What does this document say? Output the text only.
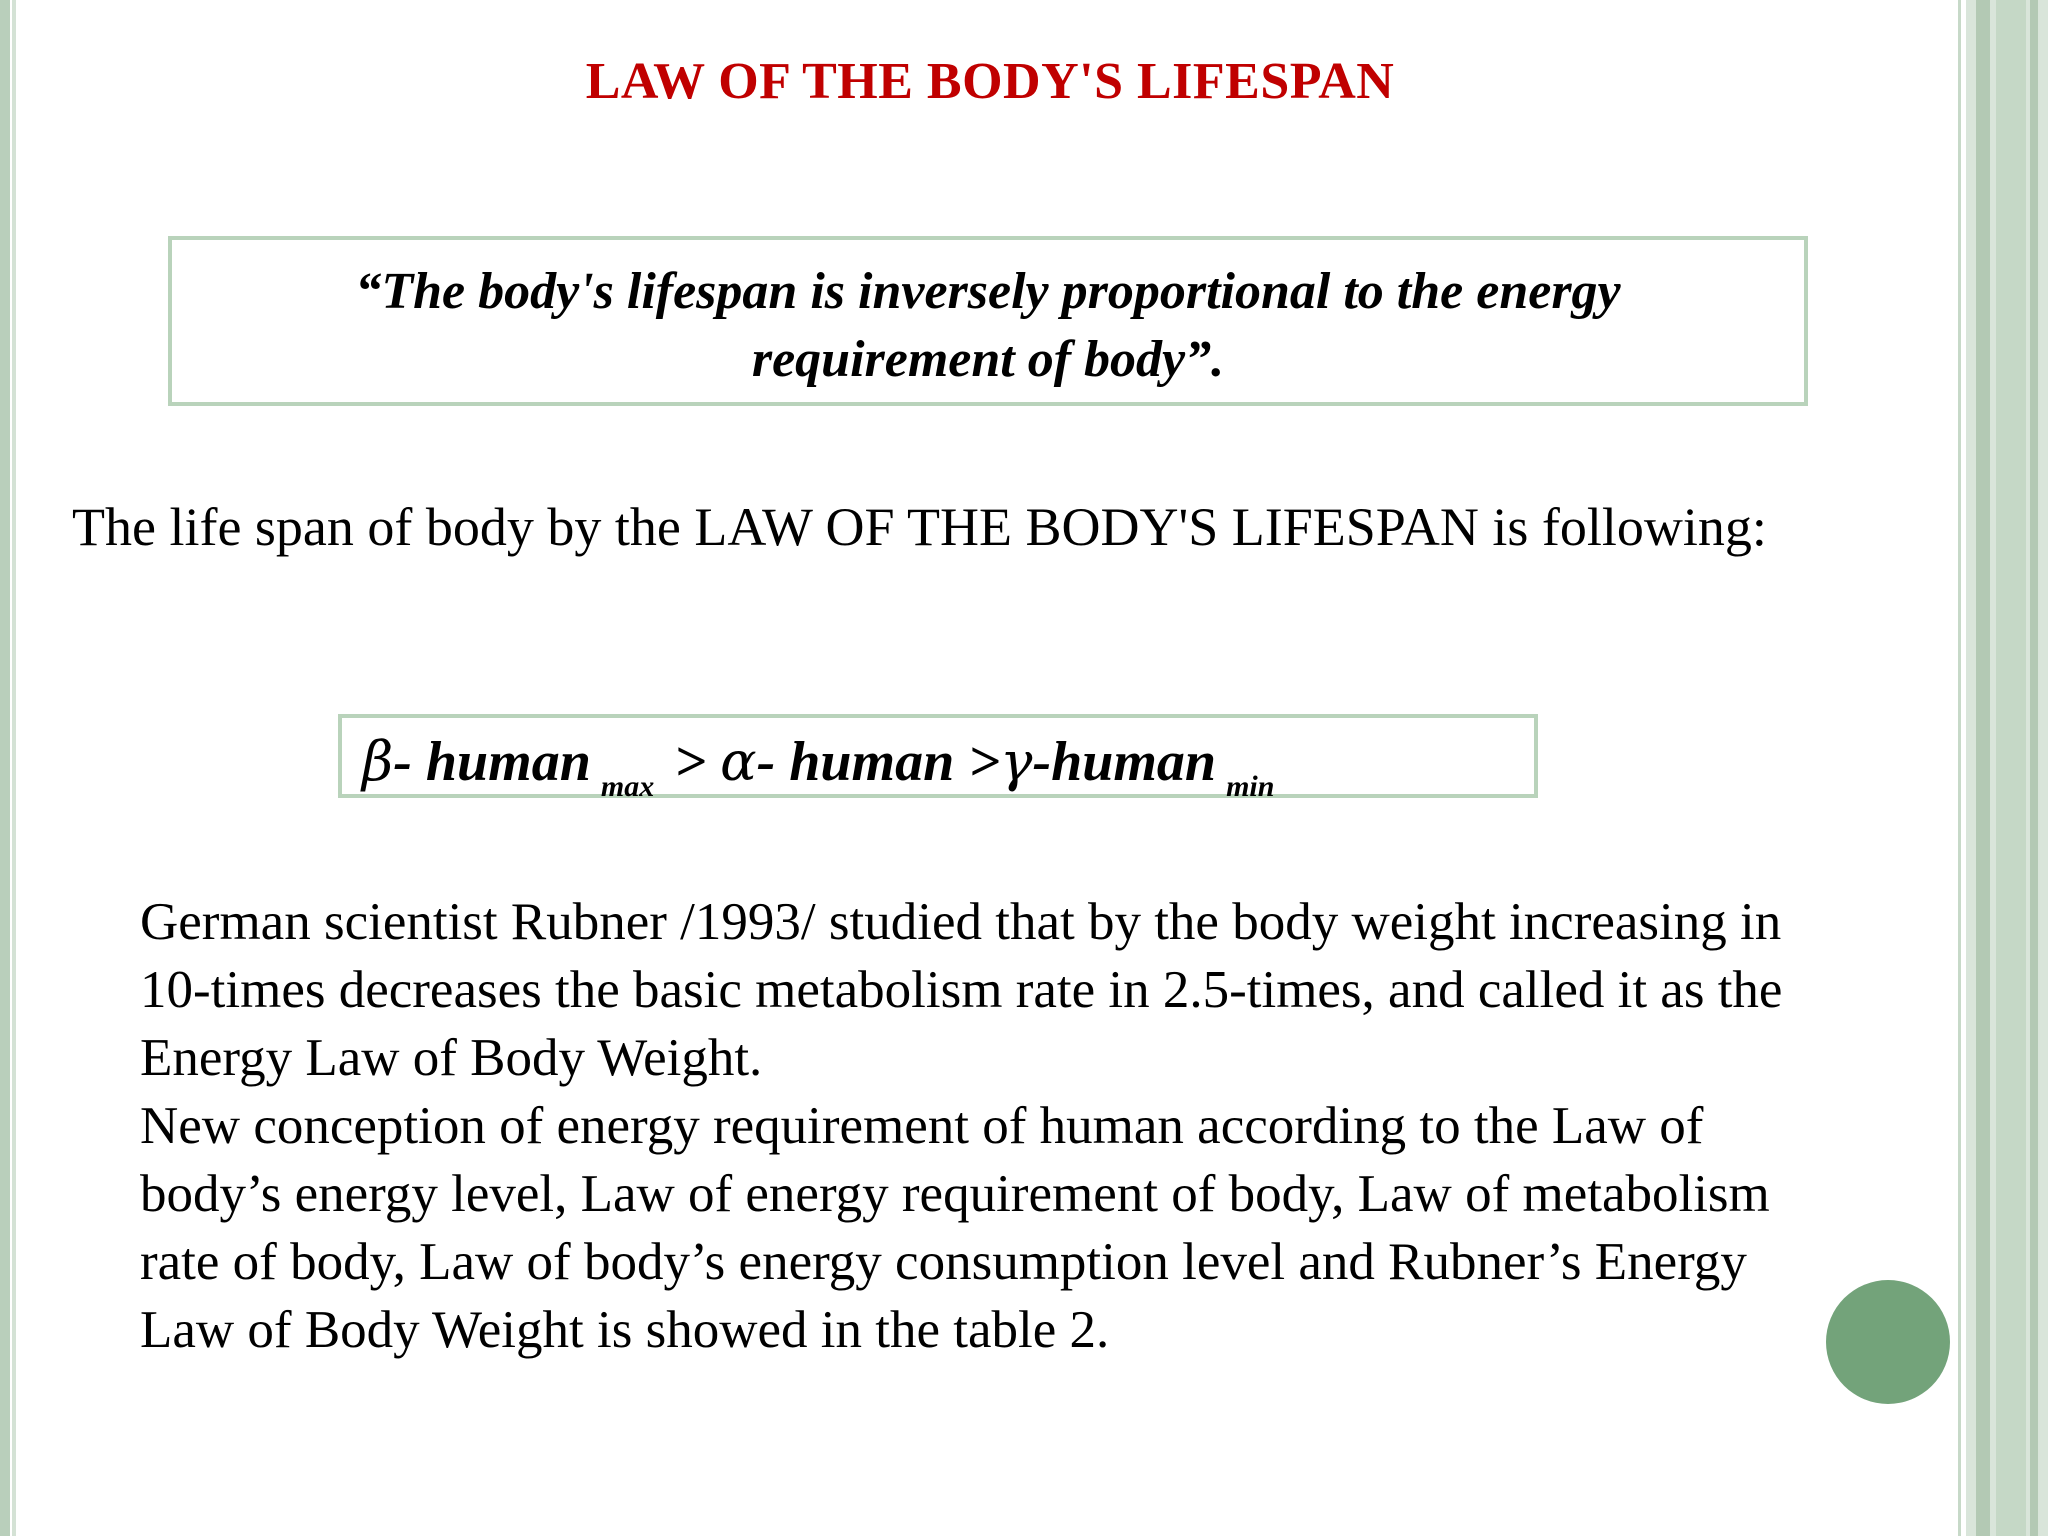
LAW OF THE BODY'S LIFESPAN
“The body's lifespan is inversely proportional to the energy
requirement of body”.
The life span of body by the LAW OF THE BODY'S LIFESPAN is following:
β- human $_{max}$ > α- human >γ-human $_{min}$

German scientist Rubner /1993/ studied that by the body weight increasing in

10-times decreases the basic metabolism rate in 2.5-times, and called it as the

Energy Law of Body Weight.

New conception of energy requirement of human according to the Law of

body’s energy level, Law of energy requirement of body, Law of metabolism

rate of body, Law of body’s energy consumption level and Rubner’s Energy

Law of Body Weight is showed in the table 2.
